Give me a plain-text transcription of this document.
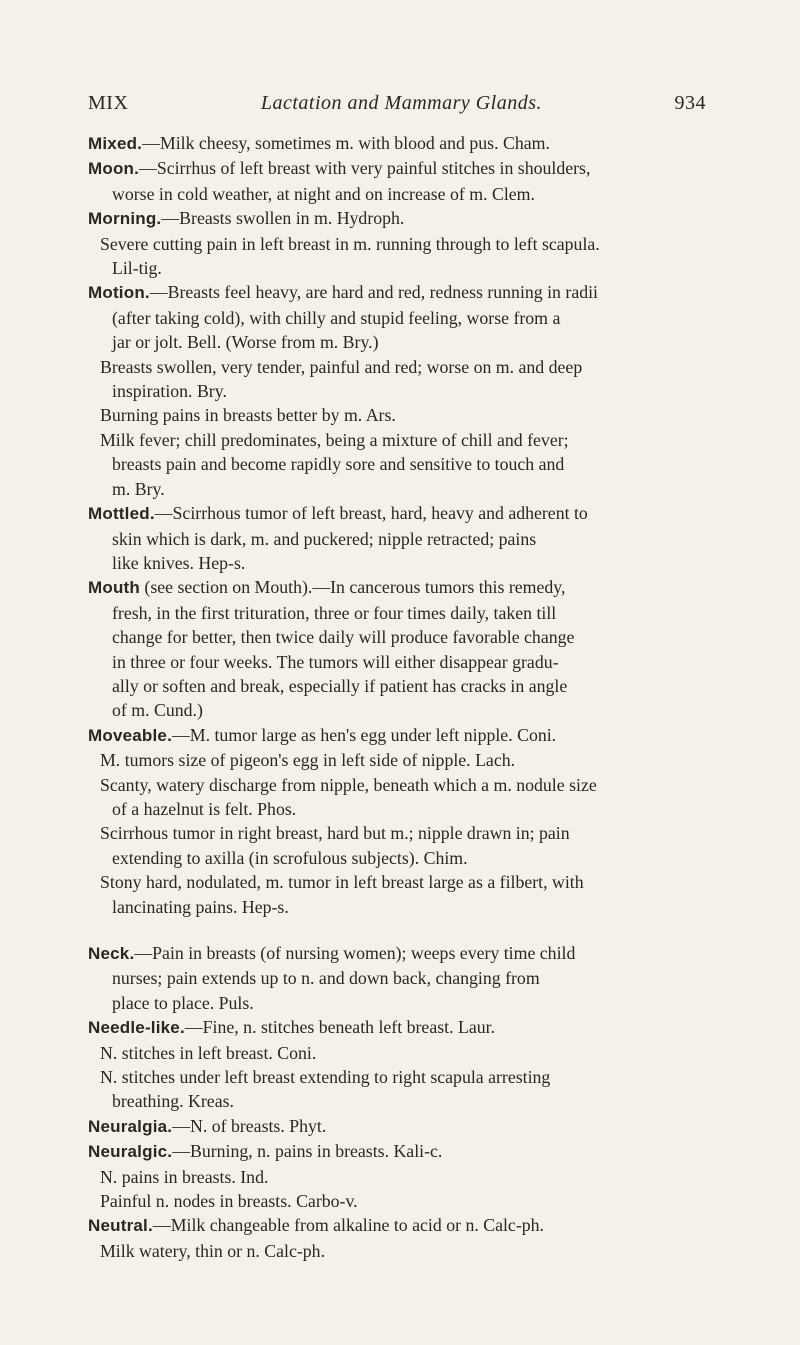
MIX	Lactation and Mammary Glands.	934
Mixed.—Milk cheesy, sometimes m. with blood and pus. Cham.
Moon.—Scirrhus of left breast with very painful stitches in shoulders,
worse in cold weather, at night and on increase of m. Clem.
Morning.—Breasts swollen in m. Hydroph.
Severe cutting pain in left breast in m. running through to left scapula.
Lil-tig.
Motion.—Breasts feel heavy, are hard and red, redness running in radii
(after taking cold), with chilly and stupid feeling, worse from a
jar or jolt. Bell. (Worse from m. Bry.)
Breasts swollen, very tender, painful and red; worse on m. and deep
inspiration. Bry.
Burning pains in breasts better by m. Ars.
Milk fever; chill predominates, being a mixture of chill and fever;
breasts pain and become rapidly sore and sensitive to touch and
m. Bry.
Mottled.—Scirrhous tumor of left breast, hard, heavy and adherent to
skin which is dark, m. and puckered; nipple retracted; pains
like knives. Hep-s.
Mouth (see section on Mouth).—In cancerous tumors this remedy,
fresh, in the first trituration, three or four times daily, taken till
change for better, then twice daily will produce favorable change
in three or four weeks. The tumors will either disappear gradu-
ally or soften and break, especially if patient has cracks in angle
of m. Cund.)
Moveable.—M. tumor large as hen's egg under left nipple. Coni.
M. tumors size of pigeon's egg in left side of nipple. Lach.
Scanty, watery discharge from nipple, beneath which a m. nodule size
of a hazelnut is felt. Phos.
Scirrhous tumor in right breast, hard but m.; nipple drawn in; pain
extending to axilla (in scrofulous subjects). Chim.
Stony hard, nodulated, m. tumor in left breast large as a filbert, with
lancinating pains. Hep-s.
Neck.—Pain in breasts (of nursing women); weeps every time child
nurses; pain extends up to n. and down back, changing from
place to place. Puls.
Needle-like.—Fine, n. stitches beneath left breast. Laur.
N. stitches in left breast. Coni.
N. stitches under left breast extending to right scapula arresting
breathing. Kreas.
Neuralgia.—N. of breasts. Phyt.
Neuralgic.—Burning, n. pains in breasts. Kali-c.
N. pains in breasts. Ind.
Painful n. nodes in breasts. Carbo-v.
Neutral.—Milk changeable from alkaline to acid or n. Calc-ph.
Milk watery, thin or n. Calc-ph.
